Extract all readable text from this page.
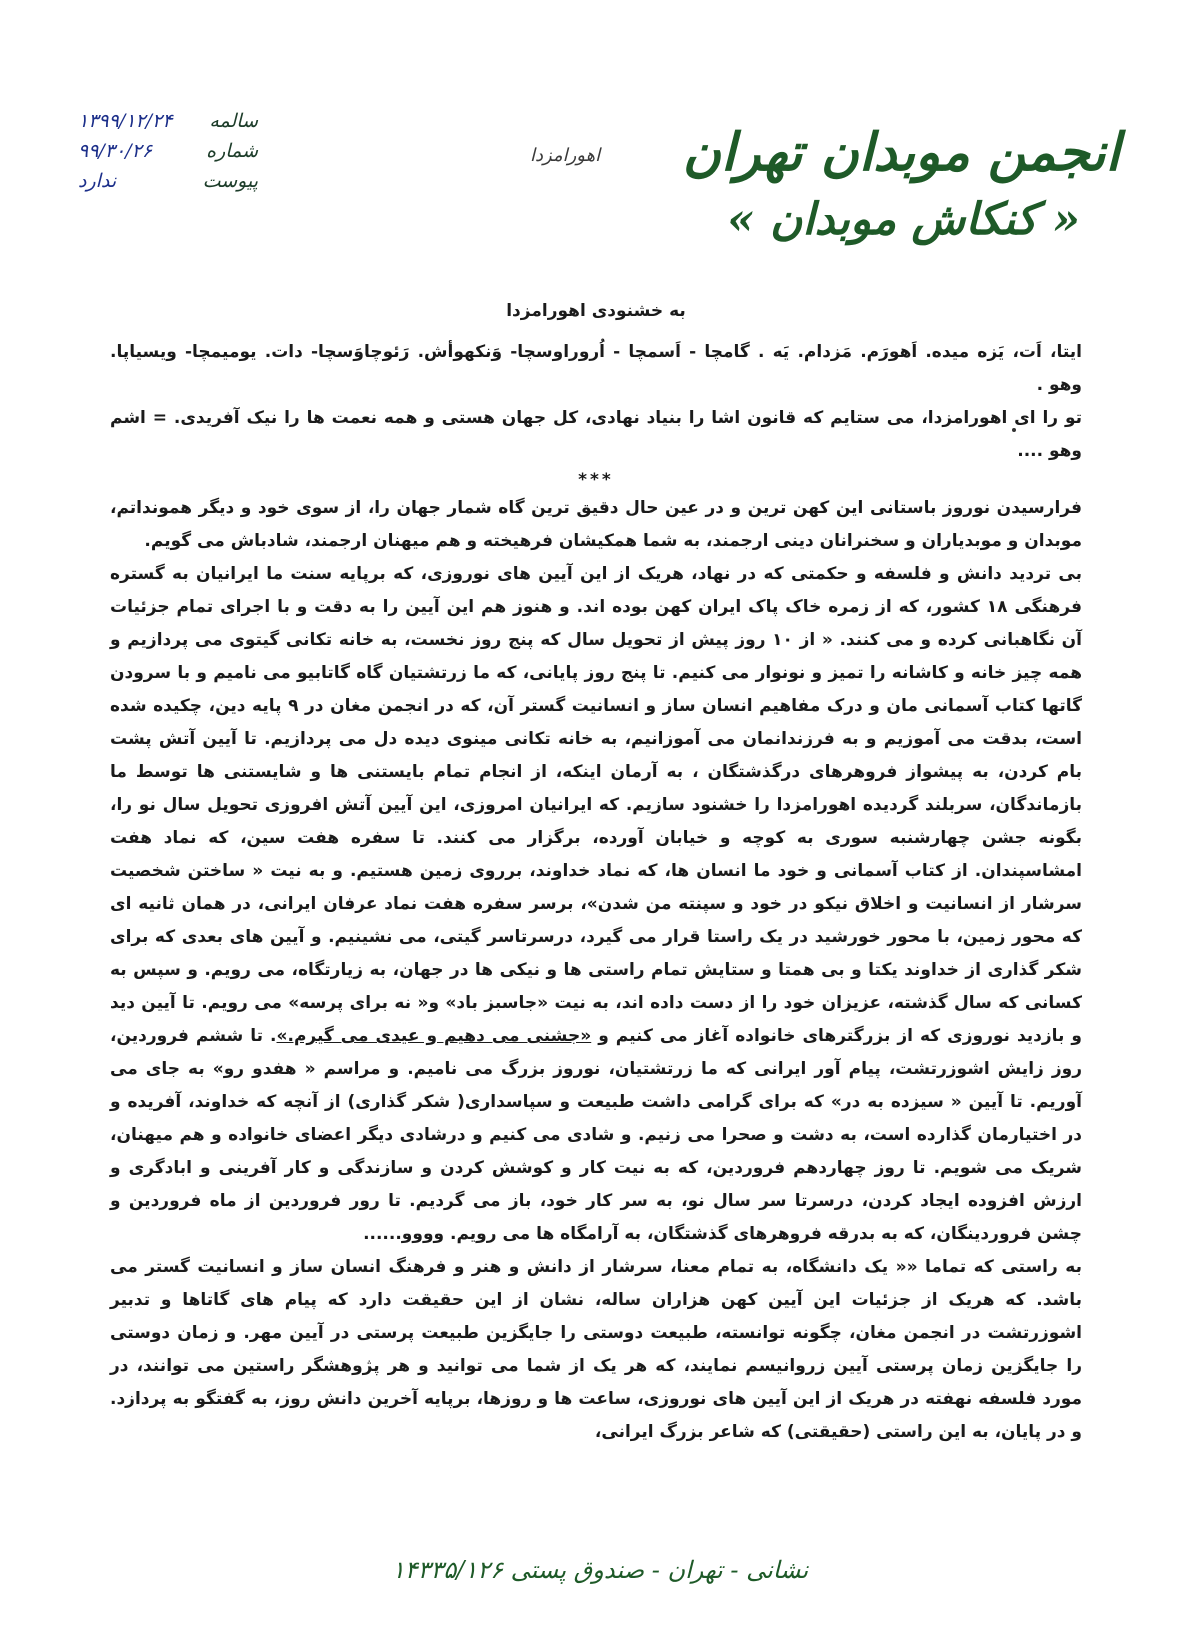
انجمن موبدان تهران
« کنکاش موبدان »
اهورامزدا
سالمه
۱۳۹۹/۱۲/۲۴
شماره
۹۹/۳۰/۲۶
پیوست
ندارد

به خشنودی اهورامزدا

ایتا، اَت، یَزه میده. اَهورَم. مَزدام. یَه . گامچا - اَسمچا - اُروراوسچا- وَنکهوأش. رَئوچاوَسچا- دات. یومیمچا- ویسیاپا. وهو .

تو را ای اهورامزدا، می ستایم که قانون اشا را بنیاد نهادی، کل جهان هستی و همه نعمت ها را نیک آفریدی. = اشم وهو ....

***

فرارسیدن نوروز باستانی این کهن ترین و در عین حال دقیق ترین گاه شمار جهان را، از سوی خود و دیگر همونداتم، موبدان و موبدیاران و سخنرانان دینی ارجمند، به شما همکیشان فرهیخته و هم میهنان ارجمند، شادباش می گویم.

بی تردید دانش و فلسفه و حکمتی که در نهاد، هریک از این آیین های نوروزی، که برپایه سنت ما ایرانیان به گستره فرهنگی ۱۸ کشور، که از زمره خاک پاک ایران کهن بوده اند. و هنوز هم این آیین را به دقت و با اجرای تمام جزئیات آن نگاهبانی کرده و می کنند. « از ۱۰ روز پیش از تحویل سال که پنج روز نخست، به خانه تکانی گیتوی می پردازیم و همه چیز خانه و کاشانه را تمیز و نونوار می کنیم. تا پنج روز پایانی، که ما زرتشتیان گاه گاتابیو می نامیم و با سرودن گاتها کتاب آسمانی مان و درک مفاهیم انسان ساز و انسانیت گستر آن، که در انجمن مغان در ۹ پایه دین، چکیده شده است، بدقت می آموزیم و به فرزندانمان می آموزانیم، به خانه تکانی مینوی دیده دل می پردازیم. تا آیین آتش پشت بام کردن، به پیشواز فروهرهای درگذشتگان ، به آرمان اینکه، از انجام تمام بایستنی ها و شایستنی ها توسط ما بازماندگان، سربلند گردیده اهورامزدا را خشنود سازیم. که ایرانیان امروزی، این آیین آتش افروزی تحویل سال نو را، بگونه جشن چهارشنبه سوری به کوچه و خیابان آورده، برگزار می کنند. تا سفره هفت سین، که نماد هفت امشاسپندان. از کتاب آسمانی و خود ما انسان ها، که نماد خداوند، برروی زمین هستیم. و به نیت « ساختن شخصیت سرشار از انسانیت و اخلاق نیکو در خود و سپنته من شدن»، برسر سفره هفت نماد عرفان ایرانی، در همان ثانیه ای که محور زمین، با محور خورشید در یک راستا قرار می گیرد، درسرتاسر گیتی، می نشینیم. و آیین های بعدی که برای شکر گذاری از خداوند یکتا و بی همتا و ستایش تمام راستی ها و نیکی ها در جهان، به زیارتگاه، می رویم. و سپس به کسانی که سال گذشته، عزیزان خود را از دست داده اند، به نیت «جاسبز باد» و« نه برای پرسه» می رویم. تا آیین دید و بازدید نوروزی که از بزرگترهای خانواده آغاز می کنیم و «جشنی می دهیم و عیدی می گیرم.». تا ششم فروردین، روز زایش اشوزرتشت، پیام آور ایرانی که ما زرتشتیان، نوروز بزرگ می نامیم. و مراسم « هفدو رو» به جای می آوریم. تا آیین « سیزده به در» که برای گرامی داشت طبیعت و سپاسداری( شکر گذاری) از آنچه که خداوند، آفریده و در اختیارمان گذارده است، به دشت و صحرا می زنیم. و شادی می کنیم و درشادی دیگر اعضای خانواده و هم میهنان، شریک می شویم. تا روز چهاردهم فروردین، که به نیت کار و کوشش کردن و سازندگی و کار آفرینی و ابادگری و ارزش افزوده ایجاد کردن، درسرتا سر سال نو، به سر کار خود، باز می گردیم. تا رور فروردین از ماه فروردین و چشن فروردینگان، که به بدرقه فروهرهای گذشتگان، به آرامگاه ها می رویم. وووو......

به راستی که تماما «« یک دانشگاه، به تمام معنا، سرشار از دانش و هنر و فرهنگ انسان ساز و انسانیت گستر می باشد. که هریک از جزئیات این آیین کهن هزاران ساله، نشان از این حقیقت دارد که پیام های گاتاها و تدبیر اشوزرتشت در انجمن مغان، چگونه توانسته، طبیعت دوستی را جایگزین طبیعت پرستی در آیین مهر. و زمان دوستی را جایگزین زمان پرستی آیین زروانیسم نمایند، که هر یک از شما می توانید و هر پژوهشگر راستین می توانند، در مورد فلسفه نهفته در هریک از این آیین های نوروزی، ساعت ها و روزها، برپایه آخرین دانش روز، به گفتگو به پردازد. و در پایان، به این راستی (حقیقتی) که شاعر بزرگ ایرانی،

نشانی - تهران - صندوق پستی ۱۴۳۳۵/۱۲۶
